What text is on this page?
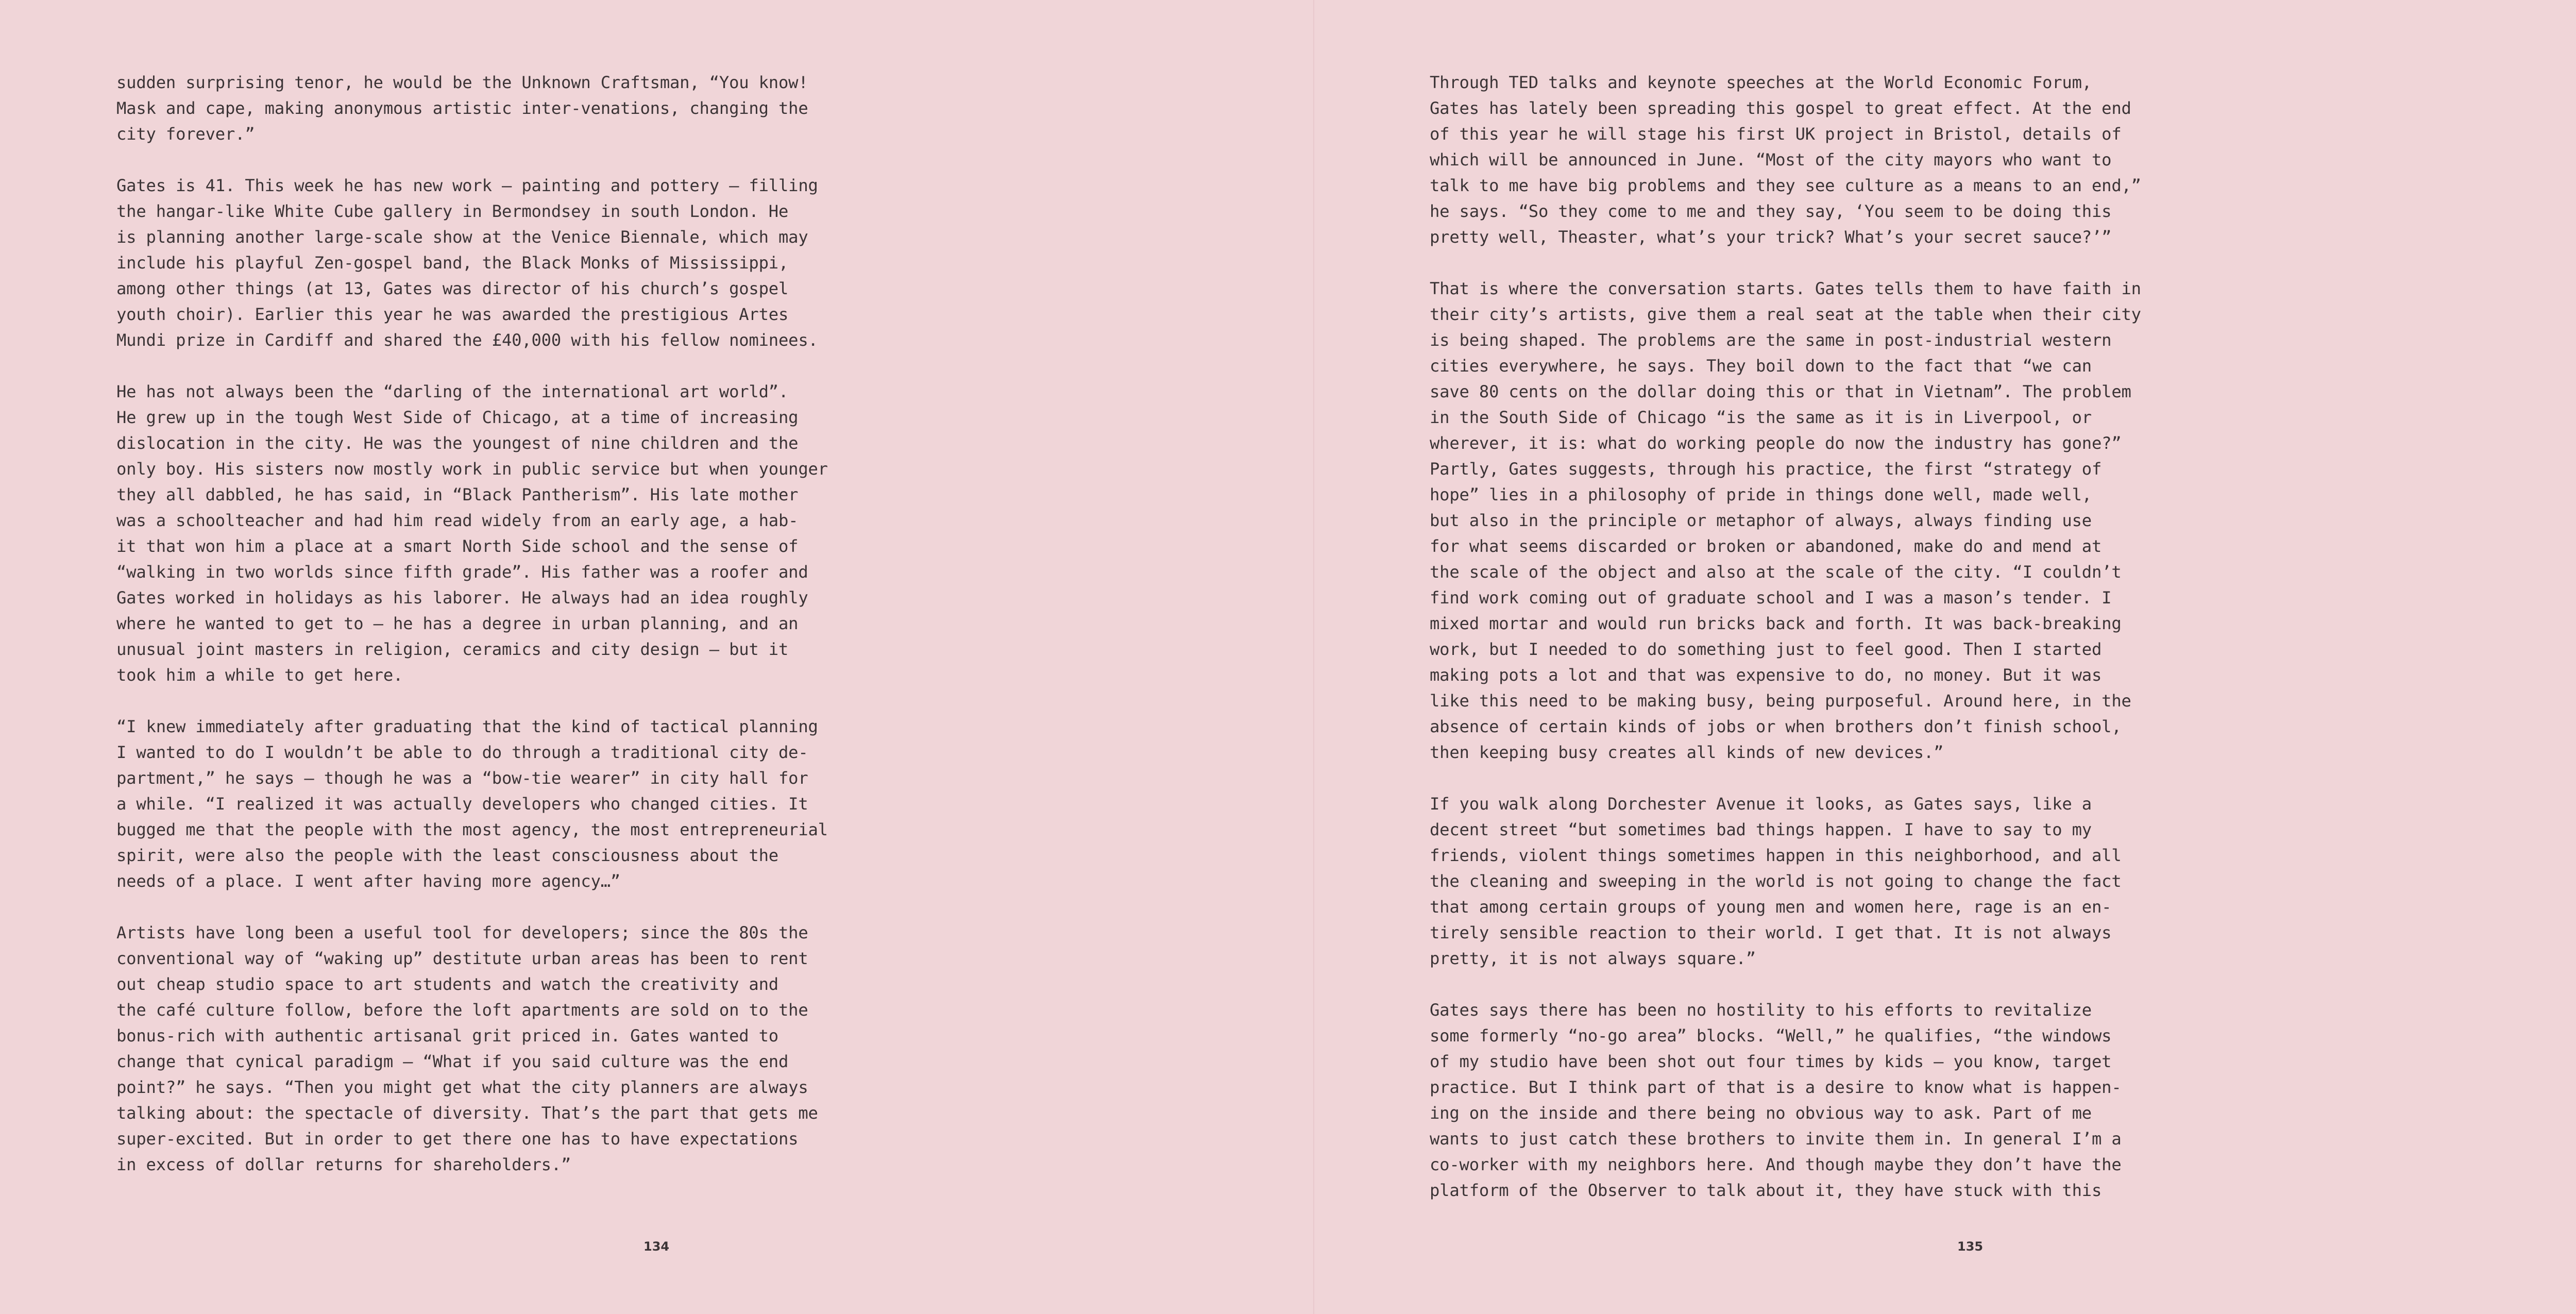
sudden surprising tenor, he would be the Unknown Craftsman, “You know!
Mask and cape, making anonymous artistic inter-venations, changing the
city forever.”
Gates is 41. This week he has new work – painting and pottery – filling
the hangar-like White Cube gallery in Bermondsey in south London. He
is planning another large-scale show at the Venice Biennale, which may
include his playful Zen-gospel band, the Black Monks of Mississippi,
among other things (at 13, Gates was director of his church’s gospel
youth choir). Earlier this year he was awarded the prestigious Artes
Mundi prize in Cardiff and shared the £40,000 with his fellow nominees.
He has not always been the “darling of the international art world”.
He grew up in the tough West Side of Chicago, at a time of increasing
dislocation in the city. He was the youngest of nine children and the
only boy. His sisters now mostly work in public service but when younger
they all dabbled, he has said, in “Black Pantherism”. His late mother
was a schoolteacher and had him read widely from an early age, a hab-
it that won him a place at a smart North Side school and the sense of
“walking in two worlds since fifth grade”. His father was a roofer and
Gates worked in holidays as his laborer. He always had an idea roughly
where he wanted to get to – he has a degree in urban planning, and an
unusual joint masters in religion, ceramics and city design – but it
took him a while to get here.
“I knew immediately after graduating that the kind of tactical planning
I wanted to do I wouldn’t be able to do through a traditional city de-
partment,” he says – though he was a “bow-tie wearer” in city hall for
a while. “I realized it was actually developers who changed cities. It
bugged me that the people with the most agency, the most entrepreneurial
spirit, were also the people with the least consciousness about the
needs of a place. I went after having more agency…”
Artists have long been a useful tool for developers; since the 80s the
conventional way of “waking up” destitute urban areas has been to rent
out cheap studio space to art students and watch the creativity and
the café culture follow, before the loft apartments are sold on to the
bonus-rich with authentic artisanal grit priced in. Gates wanted to
change that cynical paradigm – “What if you said culture was the end
point?” he says. “Then you might get what the city planners are always
talking about: the spectacle of diversity. That’s the part that gets me
super-excited. But in order to get there one has to have expectations
in excess of dollar returns for shareholders.”
134
Through TED talks and keynote speeches at the World Economic Forum,
Gates has lately been spreading this gospel to great effect. At the end
of this year he will stage his first UK project in Bristol, details of
which will be announced in June. “Most of the city mayors who want to
talk to me have big problems and they see culture as a means to an end,”
he says. “So they come to me and they say, ‘You seem to be doing this
pretty well, Theaster, what’s your trick? What’s your secret sauce?’”
That is where the conversation starts. Gates tells them to have faith in
their city’s artists, give them a real seat at the table when their city
is being shaped. The problems are the same in post-industrial western
cities everywhere, he says. They boil down to the fact that “we can
save 80 cents on the dollar doing this or that in Vietnam”. The problem
in the South Side of Chicago “is the same as it is in Liverpool, or
wherever, it is: what do working people do now the industry has gone?”
Partly, Gates suggests, through his practice, the first “strategy of
hope” lies in a philosophy of pride in things done well, made well,
but also in the principle or metaphor of always, always finding use
for what seems discarded or broken or abandoned, make do and mend at
the scale of the object and also at the scale of the city. “I couldn’t
find work coming out of graduate school and I was a mason’s tender. I
mixed mortar and would run bricks back and forth. It was back-breaking
work, but I needed to do something just to feel good. Then I started
making pots a lot and that was expensive to do, no money. But it was
like this need to be making busy, being purposeful. Around here, in the
absence of certain kinds of jobs or when brothers don’t finish school,
then keeping busy creates all kinds of new devices.”
If you walk along Dorchester Avenue it looks, as Gates says, like a
decent street “but sometimes bad things happen. I have to say to my
friends, violent things sometimes happen in this neighborhood, and all
the cleaning and sweeping in the world is not going to change the fact
that among certain groups of young men and women here, rage is an en-
tirely sensible reaction to their world. I get that. It is not always
pretty, it is not always square.”
Gates says there has been no hostility to his efforts to revitalize
some formerly “no-go area” blocks. “Well,” he qualifies, “the windows
of my studio have been shot out four times by kids – you know, target
practice. But I think part of that is a desire to know what is happen-
ing on the inside and there being no obvious way to ask. Part of me
wants to just catch these brothers to invite them in. In general I’m a
co-worker with my neighbors here. And though maybe they don’t have the
platform of the Observer to talk about it, they have stuck with this
135
